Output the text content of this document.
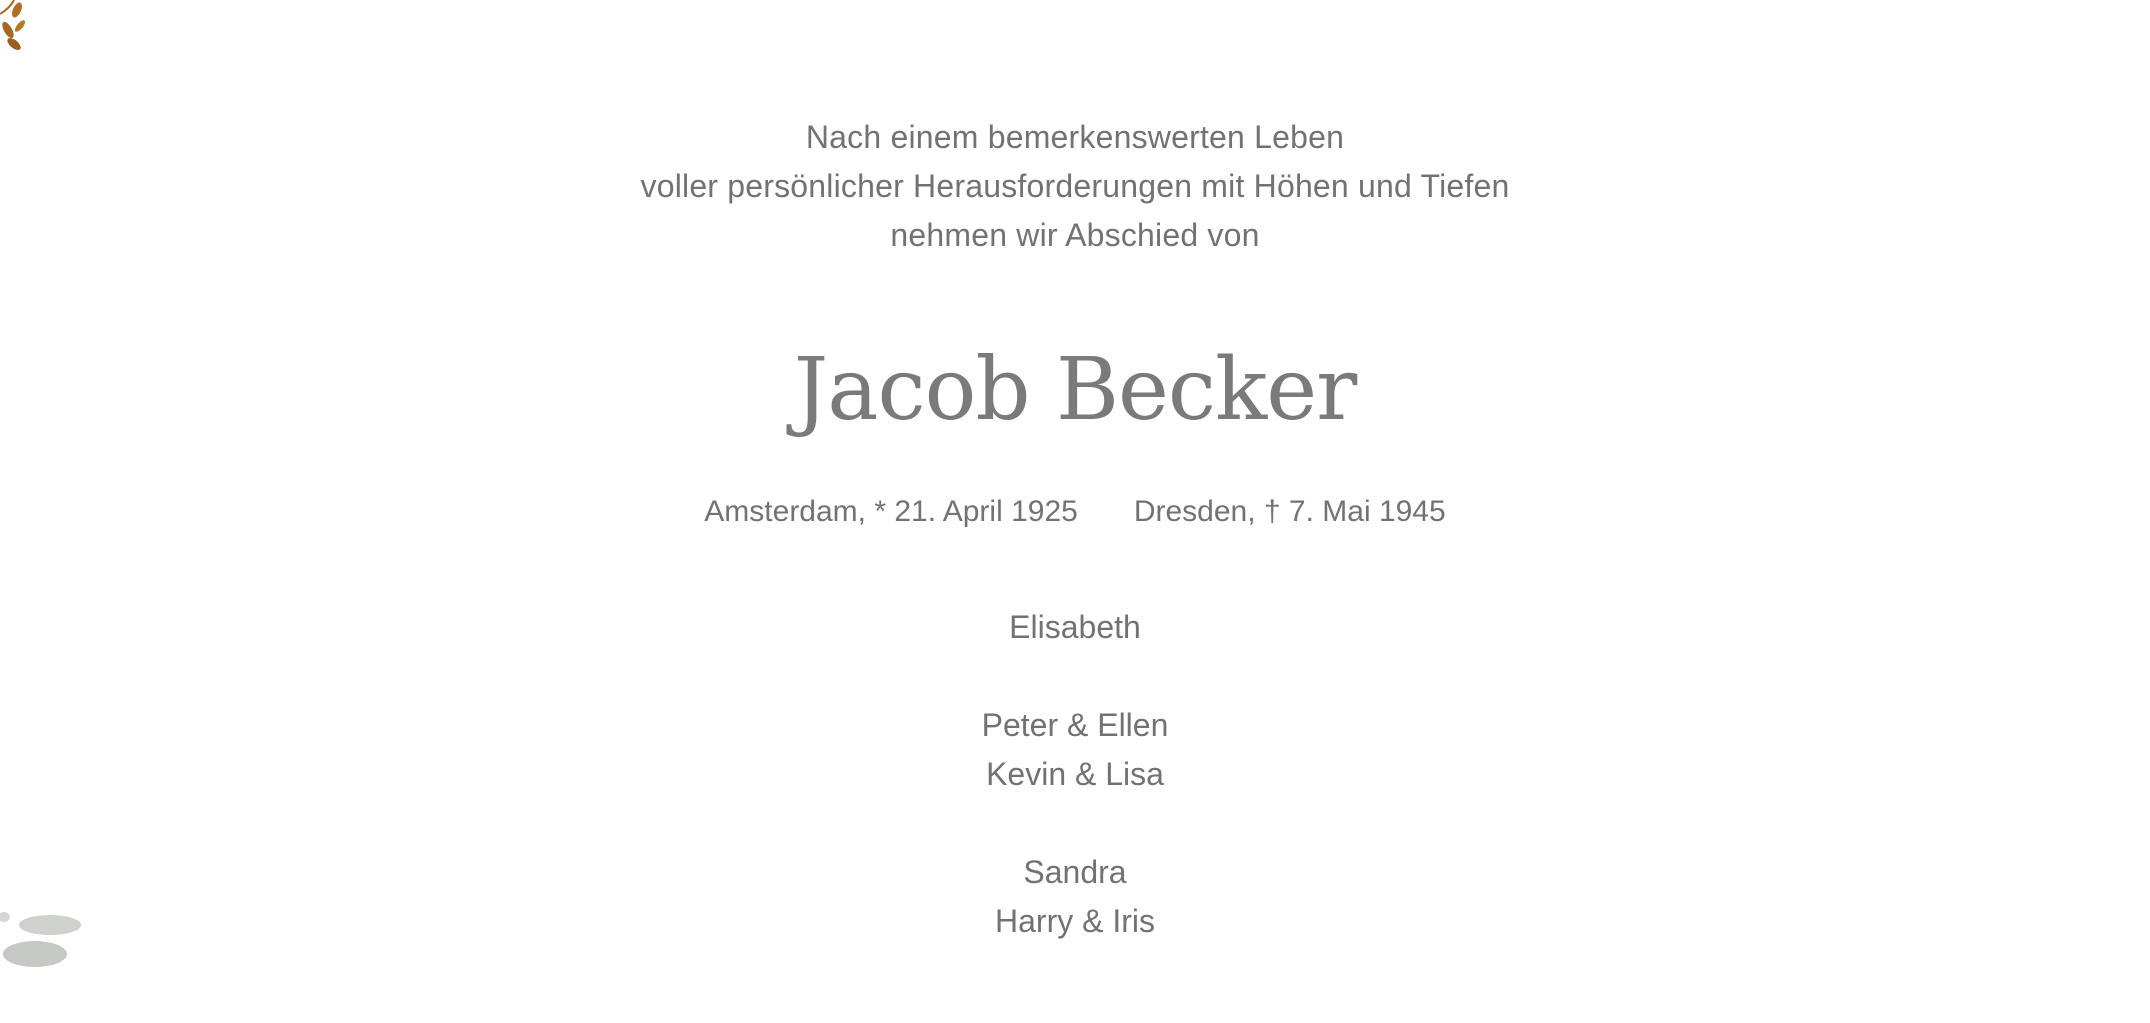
Nach einem bemerkenswerten Leben
voller persönlicher Herausforderungen mit Höhen und Tiefen
nehmen wir Abschied von
Jacob Becker
Amsterdam, * 21. April 1925 Dresden, † 7. Mai 1945
Elisabeth
Peter & Ellen
Kevin & Lisa
Sandra
Harry & Iris
